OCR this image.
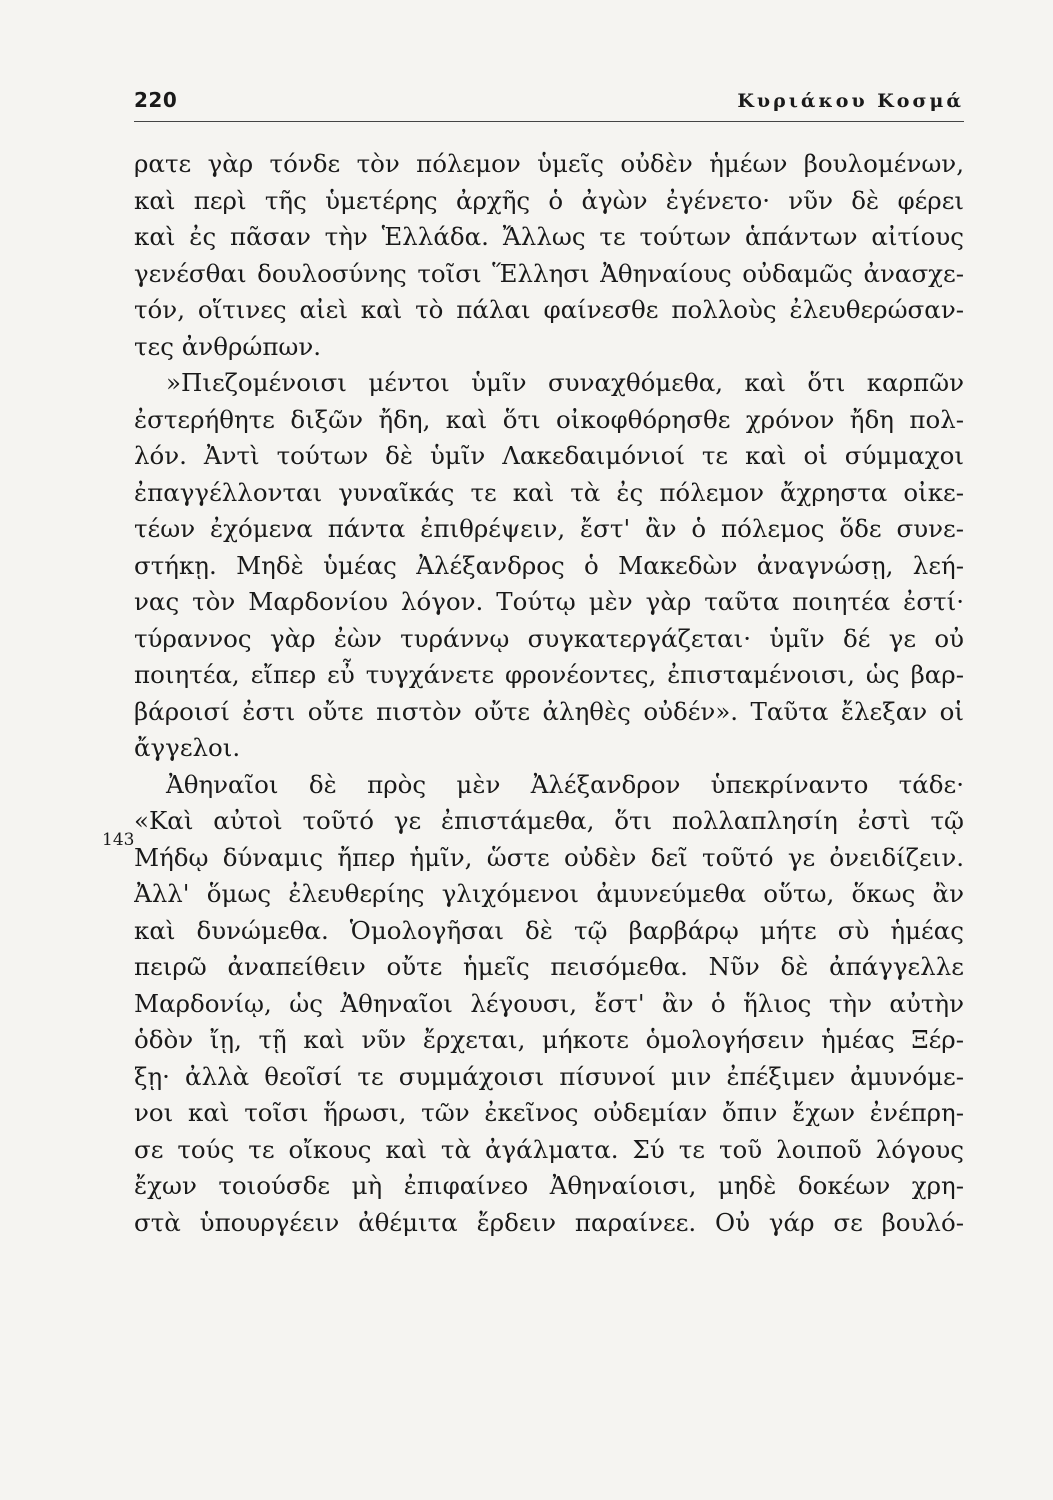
220	Κυριάκου Κοσμά
143
ρατε γὰρ τόνδε τὸν πόλεμον ὑμεῖς οὐδὲν ἡμέων βουλομένων,
καὶ περὶ τῆς ὑμετέρης ἀρχῆς ὁ ἀγὼν ἐγένετο· νῦν δὲ φέρει
καὶ ἐς πᾶσαν τὴν Ἑλλάδα. Ἄλλως τε τούτων ἁπάντων αἰτίους
γενέσθαι δουλοσύνης τοῖσι Ἕλλησι Ἀθηναίους οὐδαμῶς ἀνασχε-
τόν, οἵτινες αἰεὶ καὶ τὸ πάλαι φαίνεσθε πολλοὺς ἐλευθερώσαν-
τες ἀνθρώπων.
»Πιεζομένοισι μέντοι ὑμῖν συναχθόμεθα, καὶ ὅτι καρπῶν
ἐστερήθητε διξῶν ἤδη, καὶ ὅτι οἰκοφθόρησθε χρόνον ἤδη πολ-
λόν. Ἀντὶ τούτων δὲ ὑμῖν Λακεδαιμόνιοί τε καὶ οἱ σύμμαχοι
ἐπαγγέλλονται γυναῖκάς τε καὶ τὰ ἐς πόλεμον ἄχρηστα οἰκε-
τέων ἐχόμενα πάντα ἐπιθρέψειν, ἔστ' ἂν ὁ πόλεμος ὅδε συνε-
στήκῃ. Μηδὲ ὑμέας Ἀλέξανδρος ὁ Μακεδὼν ἀναγνώσῃ, λεή-
νας τὸν Μαρδονίου λόγον. Τούτῳ μὲν γὰρ ταῦτα ποιητέα ἐστί·
τύραννος γὰρ ἐὼν τυράννῳ συγκατεργάζεται· ὑμῖν δέ γε οὐ
ποιητέα, εἴπερ εὖ τυγχάνετε φρονέοντες, ἐπισταμένοισι, ὡς βαρ-
βάροισί ἐστι οὔτε πιστὸν οὔτε ἀληθὲς οὐδέν». Ταῦτα ἔλεξαν οἱ
ἄγγελοι.
Ἀθηναῖοι δὲ πρὸς μὲν Ἀλέξανδρον ὑπεκρίναντο τάδε·
«Καὶ αὐτοὶ τοῦτό γε ἐπιστάμεθα, ὅτι πολλαπλησίη ἐστὶ τῷ
Μήδῳ δύναμις ἤπερ ἡμῖν, ὥστε οὐδὲν δεῖ τοῦτό γε ὀνειδίζειν.
Ἀλλ' ὅμως ἐλευθερίης γλιχόμενοι ἀμυνεύμεθα οὕτω, ὅκως ἂν
καὶ δυνώμεθα. Ὁμολογῆσαι δὲ τῷ βαρβάρῳ μήτε σὺ ἡμέας
πειρῶ ἀναπείθειν οὔτε ἡμεῖς πεισόμεθα. Νῦν δὲ ἀπάγγελλε
Μαρδονίῳ, ὡς Ἀθηναῖοι λέγουσι, ἔστ' ἂν ὁ ἥλιος τὴν αὐτὴν
ὁδὸν ἴῃ, τῇ καὶ νῦν ἔρχεται, μήκοτε ὁμολογήσειν ἡμέας Ξέρ-
ξῃ· ἀλλὰ θεοῖσί τε συμμάχοισι πίσυνοί μιν ἐπέξιμεν ἀμυνόμε-
νοι καὶ τοῖσι ἥρωσι, τῶν ἐκεῖνος οὐδεμίαν ὄπιν ἔχων ἐνέπρη-
σε τούς τε οἴκους καὶ τὰ ἀγάλματα. Σύ τε τοῦ λοιποῦ λόγους
ἔχων τοιούσδε μὴ ἐπιφαίνεο Ἀθηναίοισι, μηδὲ δοκέων χρη-
στὰ ὑπουργέειν ἀθέμιτα ἔρδειν παραίνεε. Οὐ γάρ σε βουλό-
